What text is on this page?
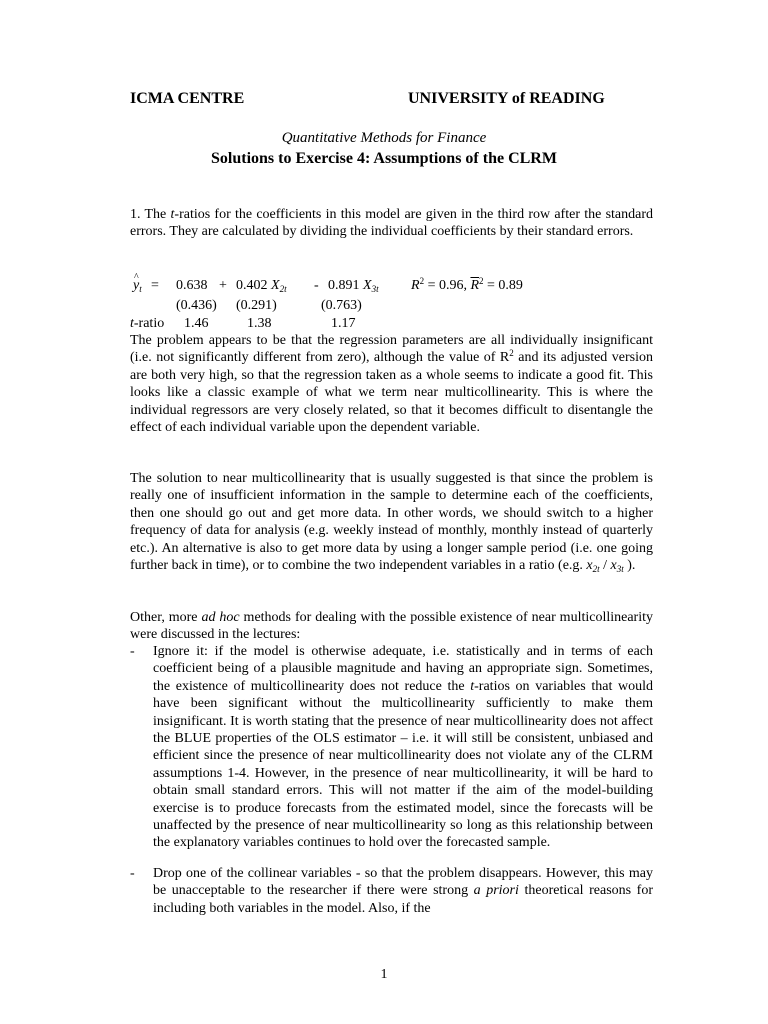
ICMA CENTRE	UNIVERSITY of READING
Quantitative Methods for Finance
Solutions to Exercise 4: Assumptions of the CLRM
1. The t-ratios for the coefficients in this model are given in the third row after the standard errors. They are calculated by dividing the individual coefficients by their standard errors.
^ $y_t = 0.638 + 0.402$ $X_{2t} - 0.891$ $X_{3t}$ $R^2 = 0.96$, $\overline{R}^2 = 0.89$
(0.436) (0.291)	(0.763)
t-ratio 1.46	1.38	1.17
The problem appears to be that the regression parameters are all individually insignificant (i.e. not significantly different from zero), although the value of $R^2$ and its adjusted version are both very high, so that the regression taken as a whole seems to indicate a good fit. This looks like a classic example of what we term near multicollinearity. This is where the individual regressors are very closely related, so that it becomes difficult to disentangle the effect of each individual variable upon the dependent variable.
The solution to near multicollinearity that is usually suggested is that since the problem is really one of insufficient information in the sample to determine each of the coefficients, then one should go out and get more data. In other words, we should switch to a higher frequency of data for analysis (e.g. weekly instead of monthly, monthly instead of quarterly etc.). An alternative is also to get more data by using a longer sample period (i.e. one going further back in time), or to combine the two independent variables in a ratio (e.g. $x_{2t} / x_{3t}$ ).
Other, more ad hoc methods for dealing with the possible existence of near multicollinearity were discussed in the lectures:
- Ignore it: if the model is otherwise adequate, i.e. statistically and in terms of each coefficient being of a plausible magnitude and having an appropriate sign. Sometimes, the existence of multicollinearity does not reduce the t-ratios on variables that would have been significant without the multicollinearity sufficiently to make them insignificant. It is worth stating that the presence of near multicollinearity does not affect the BLUE properties of the OLS estimator – i.e. it will still be consistent, unbiased and efficient since the presence of near multicollinearity does not violate any of the CLRM assumptions 1-4. However, in the presence of near multicollinearity, it will be hard to obtain small standard errors. This will not matter if the aim of the model-building exercise is to produce forecasts from the estimated model, since the forecasts will be unaffected by the presence of near multicollinearity so long as this relationship between the explanatory variables continues to hold over the forecasted sample.
- Drop one of the collinear variables - so that the problem disappears. However, this may be unacceptable to the researcher if there were strong a priori theoretical reasons for including both variables in the model. Also, if the
1
